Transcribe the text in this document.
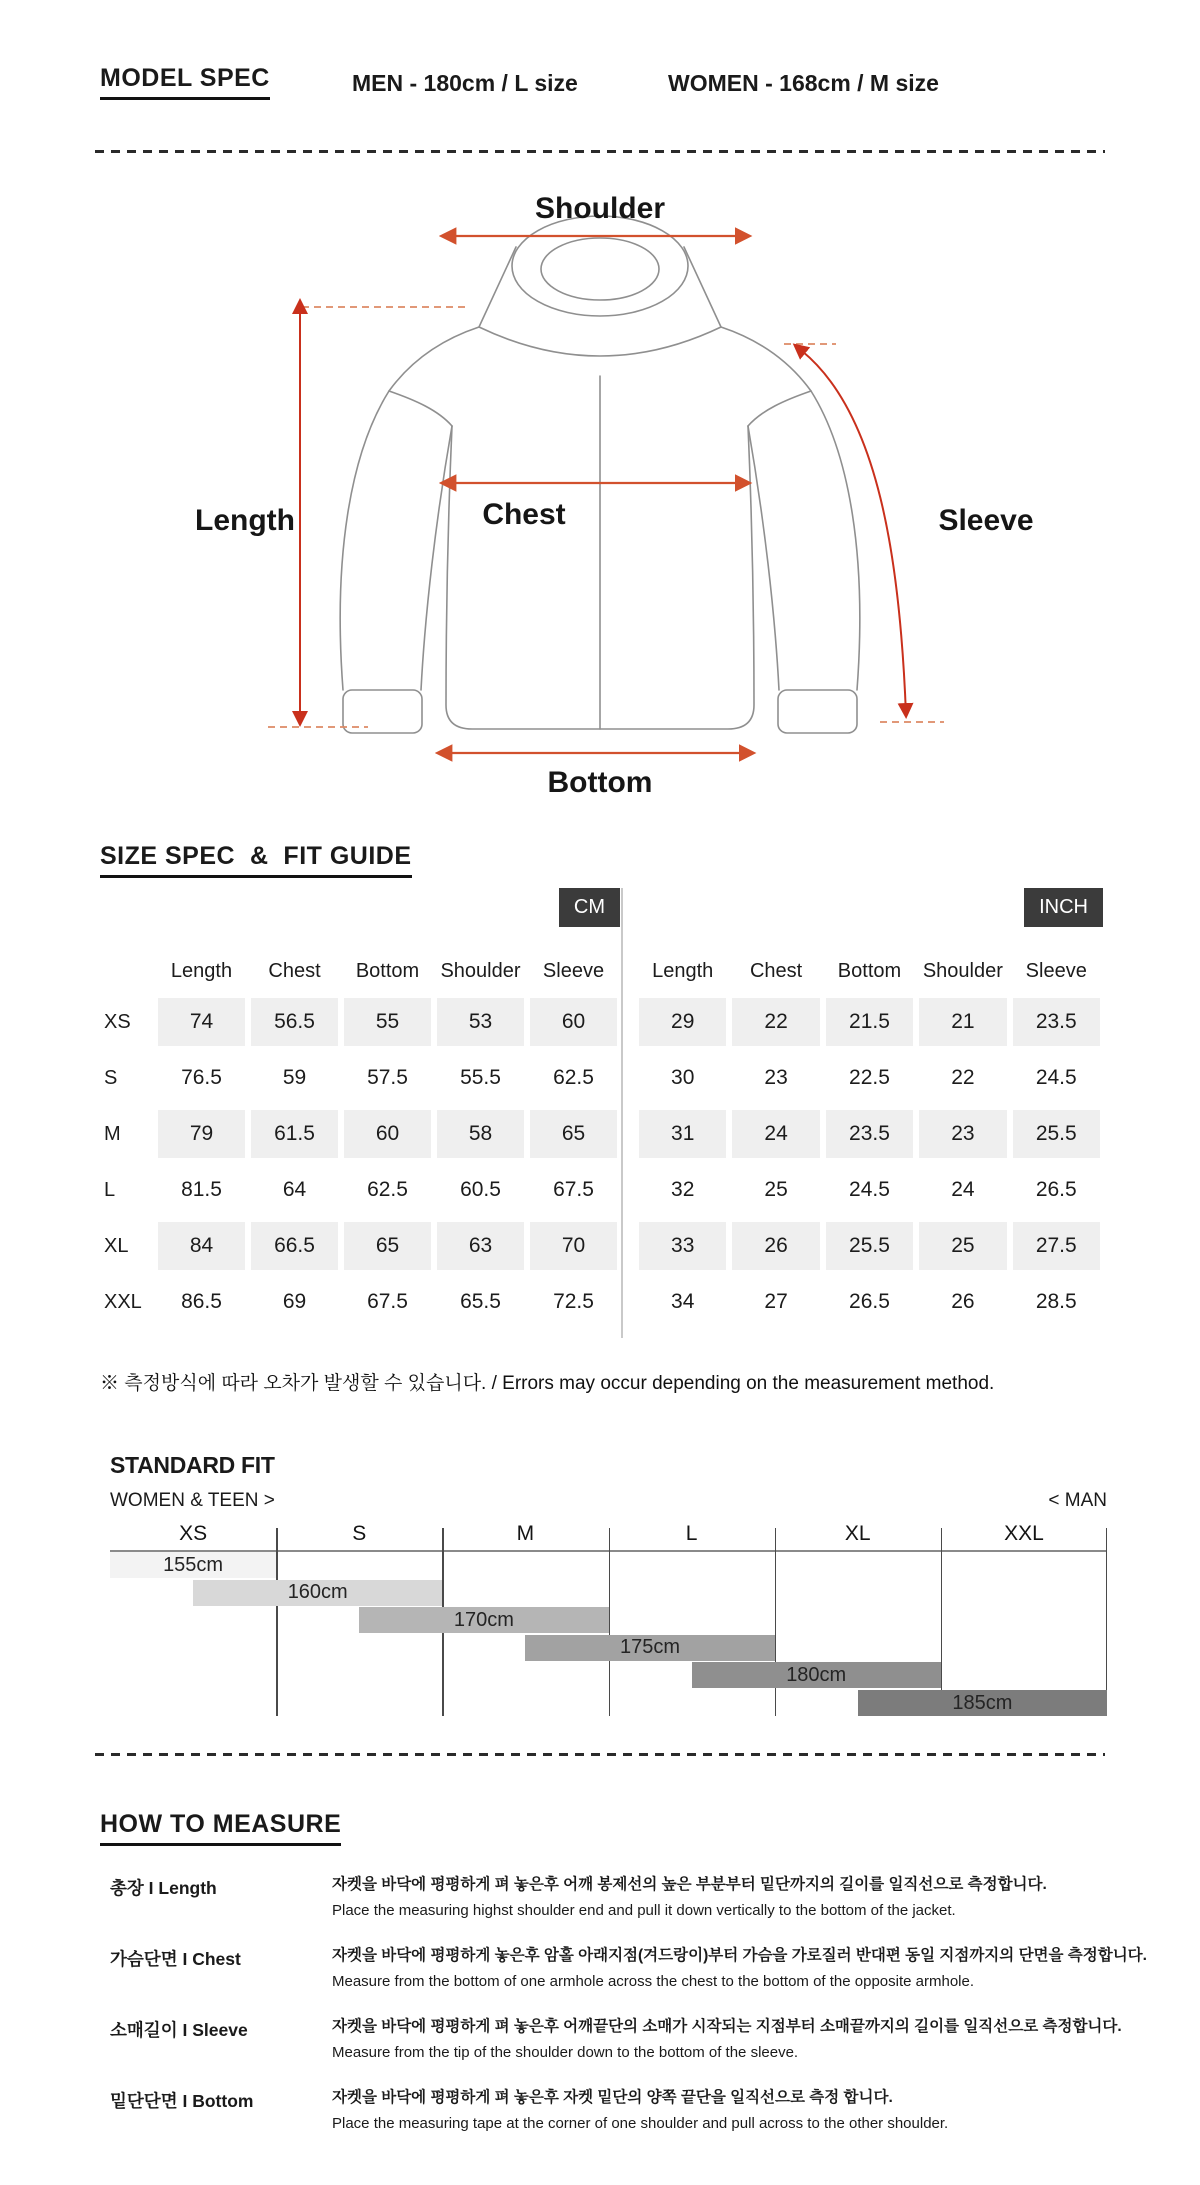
MODEL SPEC	MEN - 180cm / L size	WOMEN - 168cm / M size
Shoulder
Length	Chest	Sleeve
Bottom
SIZE SPEC  &  FIT GUIDE
CM
Length	Chest	Bottom	Shoulder	Sleeve
XS	74	56.5	55	53	60
S	76.5	59	57.5	55.5	62.5
M	79	61.5	60	58	65
L	81.5	64	62.5	60.5	67.5
XL	84	66.5	65	63	70
XXL	86.5	69	67.5	65.5	72.5
INCH
Length	Chest	Bottom	Shoulder	Sleeve
29	22	21.5	21	23.5
30	23	22.5	22	24.5
31	24	23.5	23	25.5
32	25	24.5	24	26.5
33	26	25.5	25	27.5
34	27	26.5	26	28.5
※ 측정방식에 따라 오차가 발생할 수 있습니다. / Errors may occur depending on the measurement method.
STANDARD FIT
WOMEN & TEEN >	< MAN
XS	S	M	L	XL	XXL
155cm
160cm
170cm
175cm
180cm
185cm
HOW TO MEASURE
총장 I Length	자켓을 바닥에 평평하게 펴 놓은후 어깨 봉제선의 높은 부분부터 밑단까지의 길이를 일직선으로 측정합니다.
Place the measuring highst shoulder end and pull it down vertically to the bottom of the jacket.
가슴단면 I Chest	자켓을 바닥에 평평하게 놓은후 암홀 아래지점(겨드랑이)부터 가슴을 가로질러 반대편 동일 지점까지의 단면을 측정합니다.
Measure from the bottom of one armhole across the chest to the bottom of the opposite armhole.
소매길이 I Sleeve	자켓을 바닥에 평평하게 펴 놓은후 어깨끝단의 소매가 시작되는 지점부터 소매끝까지의 길이를 일직선으로 측정합니다.
Measure from the tip of the shoulder down to the bottom of the sleeve.
밑단단면 I Bottom	자켓을 바닥에 평평하게 펴 놓은후 자켓 밑단의 양쪽 끝단을 일직선으로 측정 합니다.
Place the measuring tape at the corner of one shoulder and pull across to the other shoulder.
